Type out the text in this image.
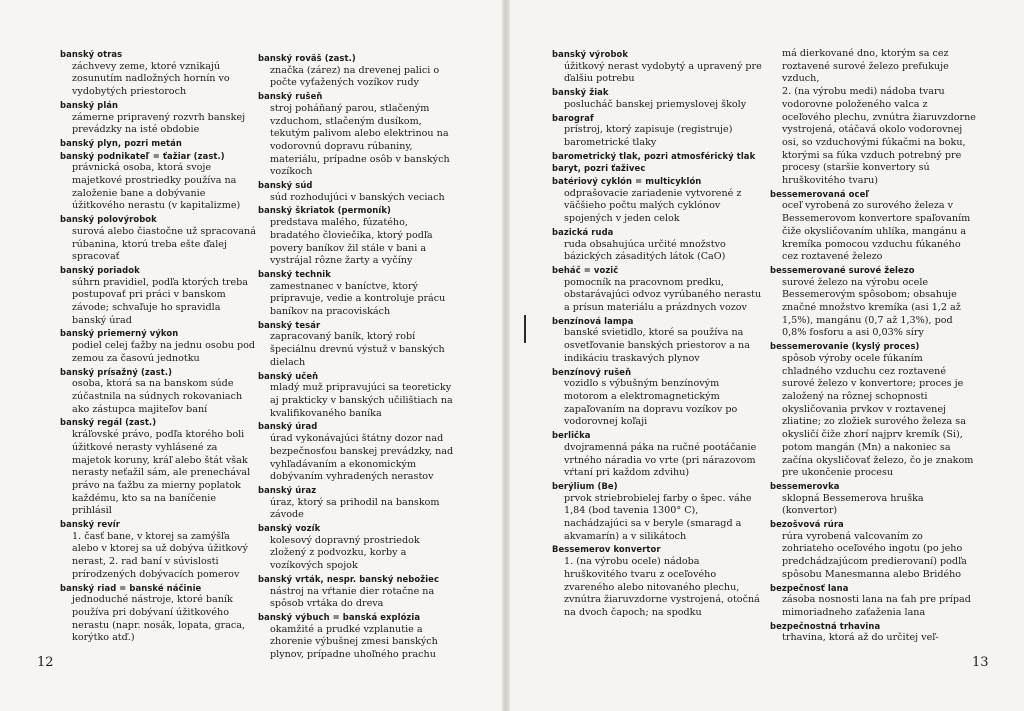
banský otras
záchvevy zeme, ktoré vznikajú zosunutím nadložných hornín vo vydobytých priestoroch
banský plán
zámerne pripravený rozvrh banskej prevádzky na isté obdobie
banský plyn, pozri metán
banský podnikateľ = ťažiar (zast.)
právnická osoba, ktorá svoje majetkové prostriedky používa na založenie bane a dobývanie úžitkového nerastu (v kapitalizme)
banský polovýrobok
surová alebo čiastočne už spracovaná rúbanina, ktorú treba ešte ďalej spracovať
banský poriadok
súhrn pravidiel, podľa ktorých treba postupovať pri práci v banskom závode; schvaľuje ho spravidla banský úrad
banský priemerný výkon
podiel celej ťažby na jednu osobu pod zemou za časovú jednotku
banský prísažný (zast.)
osoba, ktorá sa na banskom súde zúčastnila na súdnych rokovaniach ako zástupca majiteľov baní
banský regál (zast.)
kráľovské právo, podľa ktorého boli úžitkové nerasty vyhlásené za majetok koruny, kráľ alebo štát však nerasty neťažil sám, ale prenechával právo na ťažbu za mierny poplatok každému, kto sa na baníčenie prihlásil
banský revír
1. časť bane, v ktorej sa zamýšľa alebo v ktorej sa už dobýva úžitkový nerast, 2. rad baní v súvislosti prírodzených dobývacích pomerov
banský riad = banské náčinie
jednoduché nástroje, ktoré baník používa pri dobývaní úžitkového nerastu (napr. nosák, lopata, graca, korýtko atď.)
banský roväš (zast.)
značka (zárez) na drevenej palici o počte vyťažených vozíkov rudy
banský rušeň
stroj poháňaný parou, stlačeným vzduchom, stlačeným dusíkom, tekutým palivom alebo elektrinou na vodorovnú dopravu rúbaniny, materiálu, prípadne osôb v banských vozíkoch
banský súd
súd rozhodujúci v banských veciach
banský škriatok (permoník)
predstava malého, fúzatého, bradatého človiečika, ktorý podľa povery baníkov žil stále v bani a vystrájal rôzne žarty a vyčíny
banský technik
zamestnanec v baníctve, ktorý pripravuje, vedie a kontroluje prácu baníkov na pracoviskách
banský tesár
zapracovaný baník, ktorý robí špeciálnu drevnú výstuž v banských dielach
banský učeň
mladý muž pripravujúci sa teoreticky aj prakticky v banských učilištiach na kvalifikovaného baníka
banský úrad
úrad vykonávajúci štátny dozor nad bezpečnosťou banskej prevádzky, nad vyhľadávaním a ekonomickým dobývaním vyhradených nerastov
banský úraz
úraz, ktorý sa prihodil na banskom závode
banský vozík
kolesový dopravný prostriedok zložený z podvozku, korby a vozíkových spojok
banský vrták, nespr. banský nebožiec
nástroj na vŕtanie dier rotačne na spôsob vrtáka do dreva
banský výbuch = banská explózia
okamžité a prudké vzplanutie a zhorenie výbušnej zmesi banských plynov, prípadne uhoľného prachu
banský výrobok
úžitkový nerast vydobytý a upravený pre ďalšiu potrebu
banský žiak
poslucháč banskej priemyslovej školy
barograf
prístroj, ktorý zapisuje (registruje) barometrické tlaky
barometrický tlak, pozri atmosférický tlak
baryt, pozri ťaživec
batériový cyklón = multicyklón
odprašovacie zariadenie vytvorené z väčšieho počtu malých cyklónov spojených v jeden celok
bazická ruda
ruda obsahujúca určité množstvo bázických zásaditých látok (CaO)
beháč = vozič
pomocník na pracovnom predku, obstarávajúci odvoz vyrúbaného nerastu a prísun materiálu a prázdnych vozov
benzínová lampa
banské svietidlo, ktoré sa používa na osvetľovanie banských priestorov a na indikáciu traskavých plynov
benzínový rušeň
vozidlo s výbušným benzínovým motorom a elektromagnetickým zapaľovaním na dopravu vozíkov po vodorovnej koľaji
berlička
dvojramenná páka na ručné pootáčanie vrtného náradia vo vrte (pri nárazovom vŕtaní pri každom zdvihu)
berýlium (Be)
prvok striebrobielej farby o špec. váhe 1,84 (bod tavenia 1300° C), nachádzajúci sa v beryle (smaragd a akvamarín) a v silikátoch
Bessemerov konvertor
1. (na výrobu ocele) nádoba hruškovitého tvaru z oceľového zvareného alebo nitovaného plechu, zvnútra žiaruvzdorne vystrojená, otočná na dvoch čapoch; na spodku
má dierkované dno, ktorým sa cez roztavené surové železo prefukuje vzduch,
2. (na výrobu medi) nádoba tvaru vodorovne položeného valca z oceľového plechu, zvnútra žiaruvzdorne vystrojená, otáčavá okolo vodorovnej osi, so vzduchovými fúkačmi na boku, ktorými sa fúka vzduch potrebný pre procesy (staršie konvertory sú hruškovitého tvaru)
bessemerovaná oceľ
oceľ vyrobená zo surového železa v Bessemerovom konvertore spaľovaním čiže okysličovaním uhlíka, mangánu a kremíka pomocou vzduchu fúkaného cez roztavené železo
bessemerované surové železo
surové železo na výrobu ocele Bessemerovým spôsobom; obsahuje značné množstvo kremíka (asi 1,2 až 1,5%), mangánu (0,7 až 1,3%), pod 0,8% fosforu a asi 0,03% síry
bessemerovanie (kyslý proces)
spôsob výroby ocele fúkaním chladného vzduchu cez roztavené surové železo v konvertore; proces je založený na rôznej schopnosti okysličovania prvkov v roztavenej zliatine; zo zložiek surového železa sa okysličí čiže zhorí najprv kremík (Si), potom mangán (Mn) a nakoniec sa začína okysličovať železo, čo je znakom pre ukončenie procesu
bessemerovka
sklopná Bessemerova hruška (konvertor)
bezošvová rúra
rúra vyrobená valcovaním zo zohriateho oceľového ingotu (po jeho predchádzajúcom predierovaní) podľa spôsobu Manesmanna alebo Bridého
bezpečnosť lana
zásoba nosnosti lana na ťah pre prípad mimoriadneho zaťaženia lana
bezpečnostná trhavina
trhavina, ktorá až do určitej veľ-
12	13
